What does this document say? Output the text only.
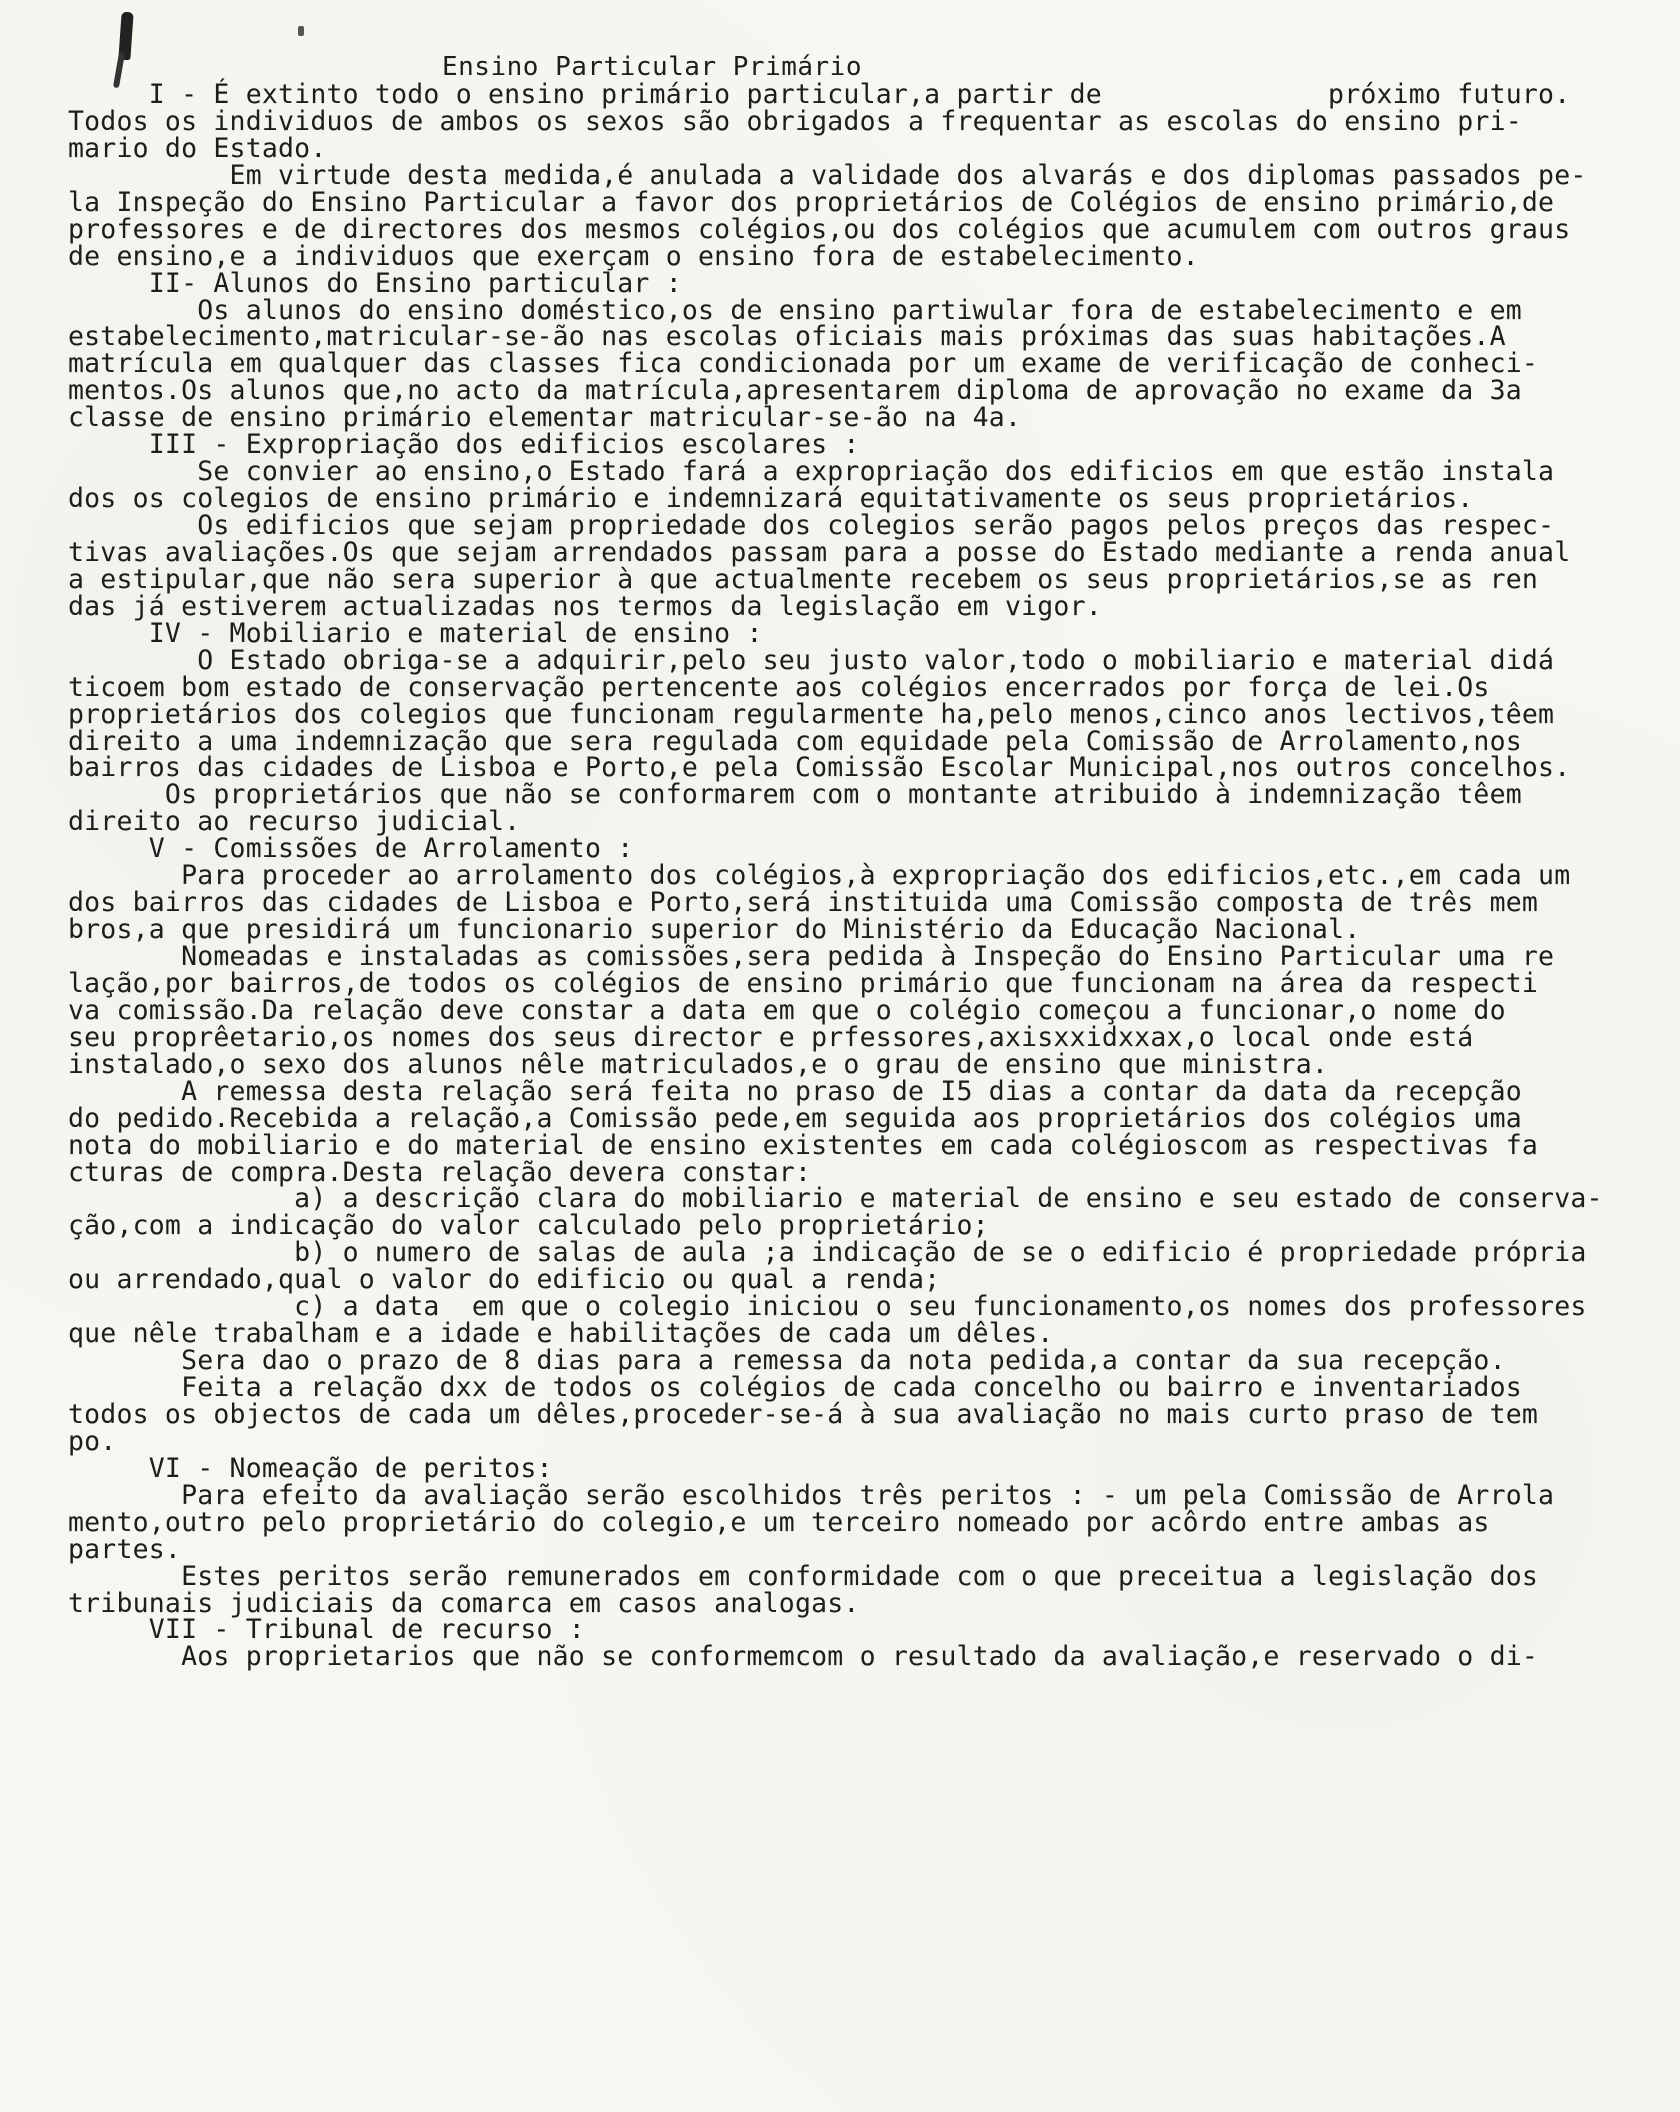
Ensino Particular Primário
I - É extinto todo o ensino primário particular,a partir de              próximo futuro.
Todos os individuos de ambos os sexos são obrigados a frequentar as escolas do ensino pri-
mario do Estado.
Em virtude desta medida,é anulada a validade dos alvarás e dos diplomas passados pe-
la Inspeção do Ensino Particular a favor dos proprietários de Colégios de ensino primário,de
professores e de directores dos mesmos colégios,ou dos colégios que acumulem com outros graus
de ensino,e a individuos que exerçam o ensino fora de estabelecimento.
II- Alunos do Ensino particular :
Os alunos do ensino doméstico,os de ensino partiwular fora de estabelecimento e em
estabelecimento,matricular-se-ão nas escolas oficiais mais próximas das suas habitações.A
matrícula em qualquer das classes fica condicionada por um exame de verificação de conheci-
mentos.Os alunos que,no acto da matrícula,apresentarem diploma de aprovação no exame da 3a
classe de ensino primário elementar matricular-se-ão na 4a.
III - Expropriação dos edificios escolares :
Se convier ao ensino,o Estado fará a expropriação dos edificios em que estão instala
dos os colegios de ensino primário e indemnizará equitativamente os seus proprietários.
Os edificios que sejam propriedade dos colegios serão pagos pelos preços das respec-
tivas avaliações.Os que sejam arrendados passam para a posse do Estado mediante a renda anual
a estipular,que não sera superior à que actualmente recebem os seus proprietários,se as ren
das já estiverem actualizadas nos termos da legislação em vigor.
IV - Mobiliario e material de ensino :
O Estado obriga-se a adquirir,pelo seu justo valor,todo o mobiliario e material didá
ticoem bom estado de conservação pertencente aos colégios encerrados por força de lei.Os
proprietários dos colegios que funcionam regularmente ha,pelo menos,cinco anos lectivos,têem
direito a uma indemnização que sera regulada com equidade pela Comissão de Arrolamento,nos
bairros das cidades de Lisboa e Porto,e pela Comissão Escolar Municipal,nos outros concelhos.
Os proprietários que não se conformarem com o montante atribuido à indemnização têem
direito ao recurso judicial.
V - Comissões de Arrolamento :
Para proceder ao arrolamento dos colégios,à expropriação dos edificios,etc.,em cada um
dos bairros das cidades de Lisboa e Porto,será instituida uma Comissão composta de três mem
bros,a que presidirá um funcionario superior do Ministério da Educação Nacional.
Nomeadas e instaladas as comissões,sera pedida à Inspeção do Ensino Particular uma re
lação,por bairros,de todos os colégios de ensino primário que funcionam na área da respecti
va comissão.Da relação deve constar a data em que o colégio começou a funcionar,o nome do
seu proprêetario,os nomes dos seus director e prfessores,axisxxidxxax,o local onde está
instalado,o sexo dos alunos nêle matriculados,e o grau de ensino que ministra.
A remessa desta relação será feita no praso de I5 dias a contar da data da recepção
do pedido.Recebida a relação,a Comissão pede,em seguida aos proprietários dos colégios uma
nota do mobiliario e do material de ensino existentes em cada colégioscom as respectivas fa
cturas de compra.Desta relação devera constar:
a) a descrição clara do mobiliario e material de ensino e seu estado de conserva-
ção,com a indicação do valor calculado pelo proprietário;
b) o numero de salas de aula ;a indicação de se o edificio é propriedade própria
ou arrendado,qual o valor do edificio ou qual a renda;
c) a data  em que o colegio iniciou o seu funcionamento,os nomes dos professores
que nêle trabalham e a idade e habilitações de cada um dêles.
Sera dao o prazo de 8 dias para a remessa da nota pedida,a contar da sua recepção.
Feita a relação dxx de todos os colégios de cada concelho ou bairro e inventariados
todos os objectos de cada um dêles,proceder-se-á à sua avaliação no mais curto praso de tem
po.
VI - Nomeação de peritos:
Para efeito da avaliação serão escolhidos três peritos : - um pela Comissão de Arrola
mento,outro pelo proprietário do colegio,e um terceiro nomeado por acôrdo entre ambas as
partes.
Estes peritos serão remunerados em conformidade com o que preceitua a legislação dos
tribunais judiciais da comarca em casos analogas.
VII - Tribunal de recurso :
Aos proprietarios que não se conformemcom o resultado da avaliação,e reservado o di-
